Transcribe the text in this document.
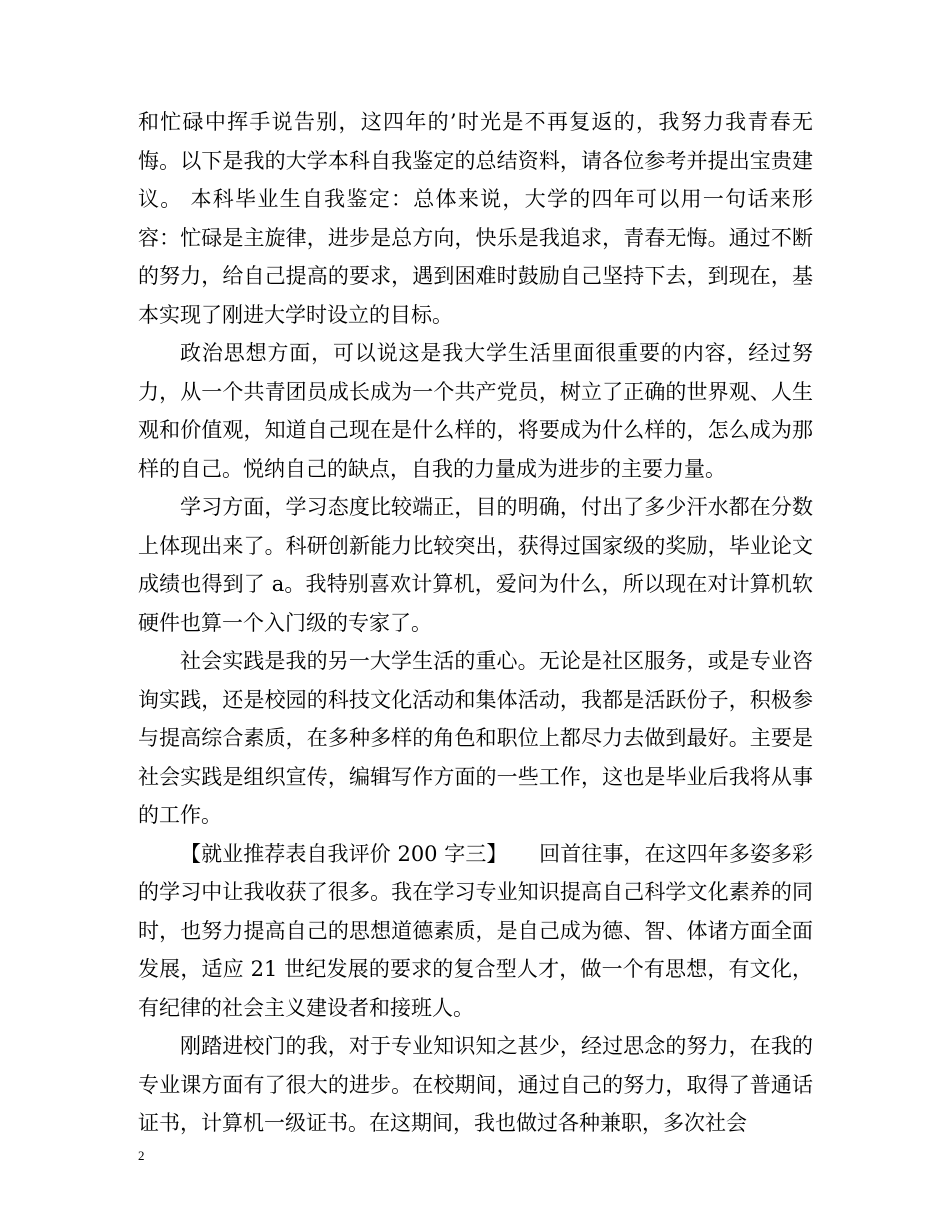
和忙碌中挥手说告别，这四年的’时光是不再复返的，我努力我青春无悔。以下是我的大学本科自我鉴定的总结资料，请各位参考并提出宝贵建议。 本科毕业生自我鉴定：总体来说，大学的四年可以用一句话来形容：忙碌是主旋律，进步是总方向，快乐是我追求，青春无悔。通过不断的努力，给自己提高的要求，遇到困难时鼓励自己坚持下去，到现在，基本实现了刚进大学时设立的目标。

政治思想方面，可以说这是我大学生活里面很重要的内容，经过努力，从一个共青团员成长成为一个共产党员，树立了正确的世界观、人生观和价值观，知道自己现在是什么样的，将要成为什么样的，怎么成为那样的自己。悦纳自己的缺点，自我的力量成为进步的主要力量。

学习方面，学习态度比较端正，目的明确，付出了多少汗水都在分数上体现出来了。科研创新能力比较突出，获得过国家级的奖励，毕业论文成绩也得到了 a。我特别喜欢计算机，爱问为什么，所以现在对计算机软硬件也算一个入门级的专家了。

社会实践是我的另一大学生活的重心。无论是社区服务，或是专业咨询实践，还是校园的科技文化活动和集体活动，我都是活跃份子，积极参与提高综合素质，在多种多样的角色和职位上都尽力去做到最好。主要是社会实践是组织宣传，编辑写作方面的一些工作，这也是毕业后我将从事的工作。

【就业推荐表自我评价 200 字三】　　回首往事，在这四年多姿多彩的学习中让我收获了很多。我在学习专业知识提高自己科学文化素养的同时，也努力提高自己的思想道德素质，是自己成为德、智、体诸方面全面发展，适应 21 世纪发展的要求的复合型人才，做一个有思想，有文化，有纪律的社会主义建设者和接班人。

刚踏进校门的我，对于专业知识知之甚少，经过思念的努力，在我的专业课方面有了很大的进步。在校期间，通过自己的努力，取得了普通话证书，计算机一级证书。在这期间，我也做过各种兼职，多次社会

2
